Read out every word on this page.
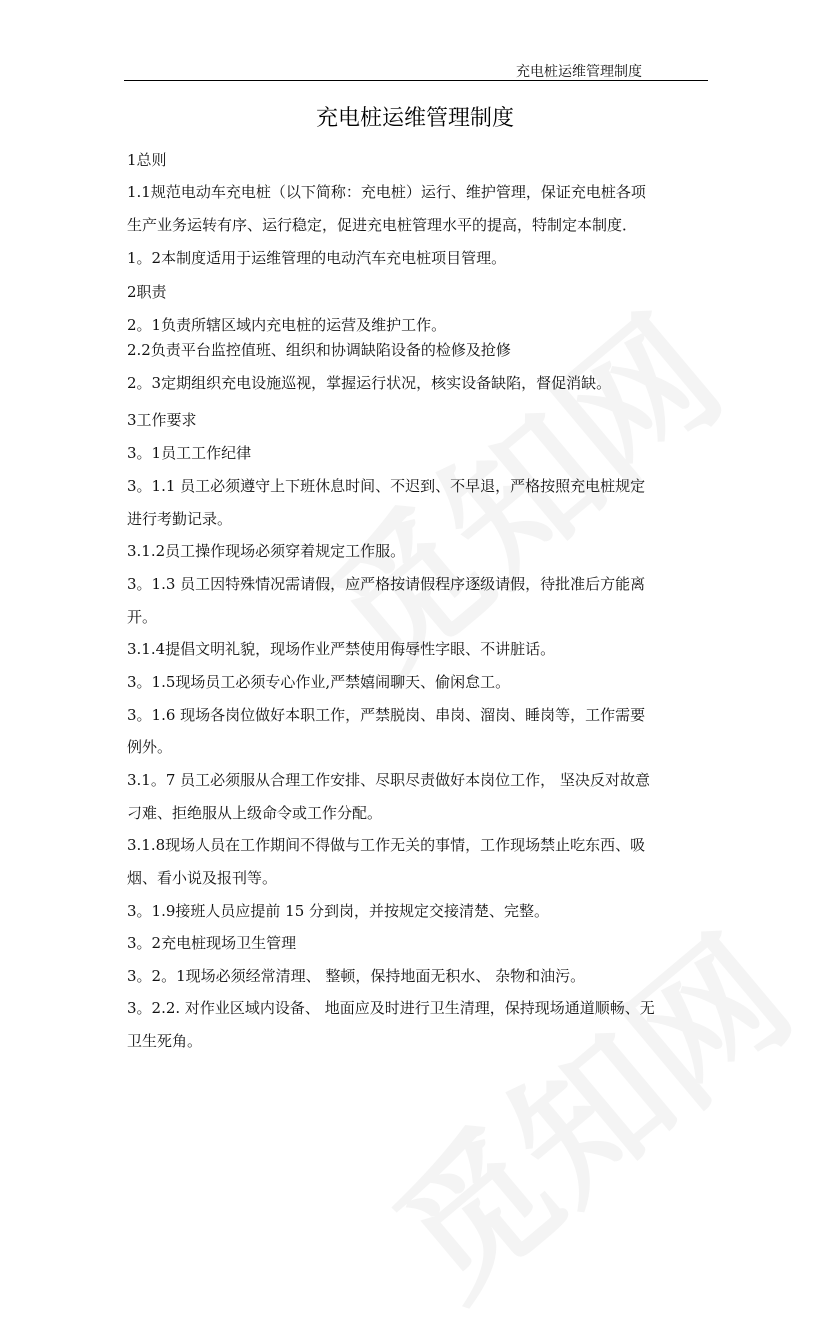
充电桩运维管理制度
充电桩运维管理制度
1总则
1.1规范电动车充电桩（以下简称：充电桩）运行、维护管理，保证充电桩各项
生产业务运转有序、运行稳定，促进充电桩管理水平的提高，特制定本制度．
1。2本制度适用于运维管理的电动汽车充电桩项目管理。
2职责
2。1负责所辖区域内充电桩的运营及维护工作。
2.2负责平台监控值班、组织和协调缺陷设备的检修及抢修
2。3定期组织充电设施巡视，掌握运行状况，核实设备缺陷，督促消缺。
3工作要求
3。1员工工作纪律
3。1.1 员工必须遵守上下班休息时间、不迟到、不早退，严格按照充电桩规定
进行考勤记录。
3.1.2员工操作现场必须穿着规定工作服。
3。1.3 员工因特殊情况需请假，应严格按请假程序逐级请假，待批准后方能离
开。
3.1.4提倡文明礼貌，现场作业严禁使用侮辱性字眼、不讲脏话。
3。1.5现场员工必须专心作业,严禁嬉闹聊天、偷闲怠工。
3。1.6 现场各岗位做好本职工作，严禁脱岗、串岗、溜岗、睡岗等，工作需要
例外。
3.1。7 员工必须服从合理工作安排、尽职尽责做好本岗位工作， 坚决反对故意
刁难、拒绝服从上级命令或工作分配。
3.1.8现场人员在工作期间不得做与工作无关的事情，工作现场禁止吃东西、吸
烟、看小说及报刊等。
3。1.9接班人员应提前 15 分到岗，并按规定交接清楚、完整。
3。2充电桩现场卫生管理
3。2。1现场必须经常清理、 整顿，保持地面无积水、 杂物和油污。
3。2.2. 对作业区域内设备、 地面应及时进行卫生清理，保持现场通道顺畅、无
卫生死角。
